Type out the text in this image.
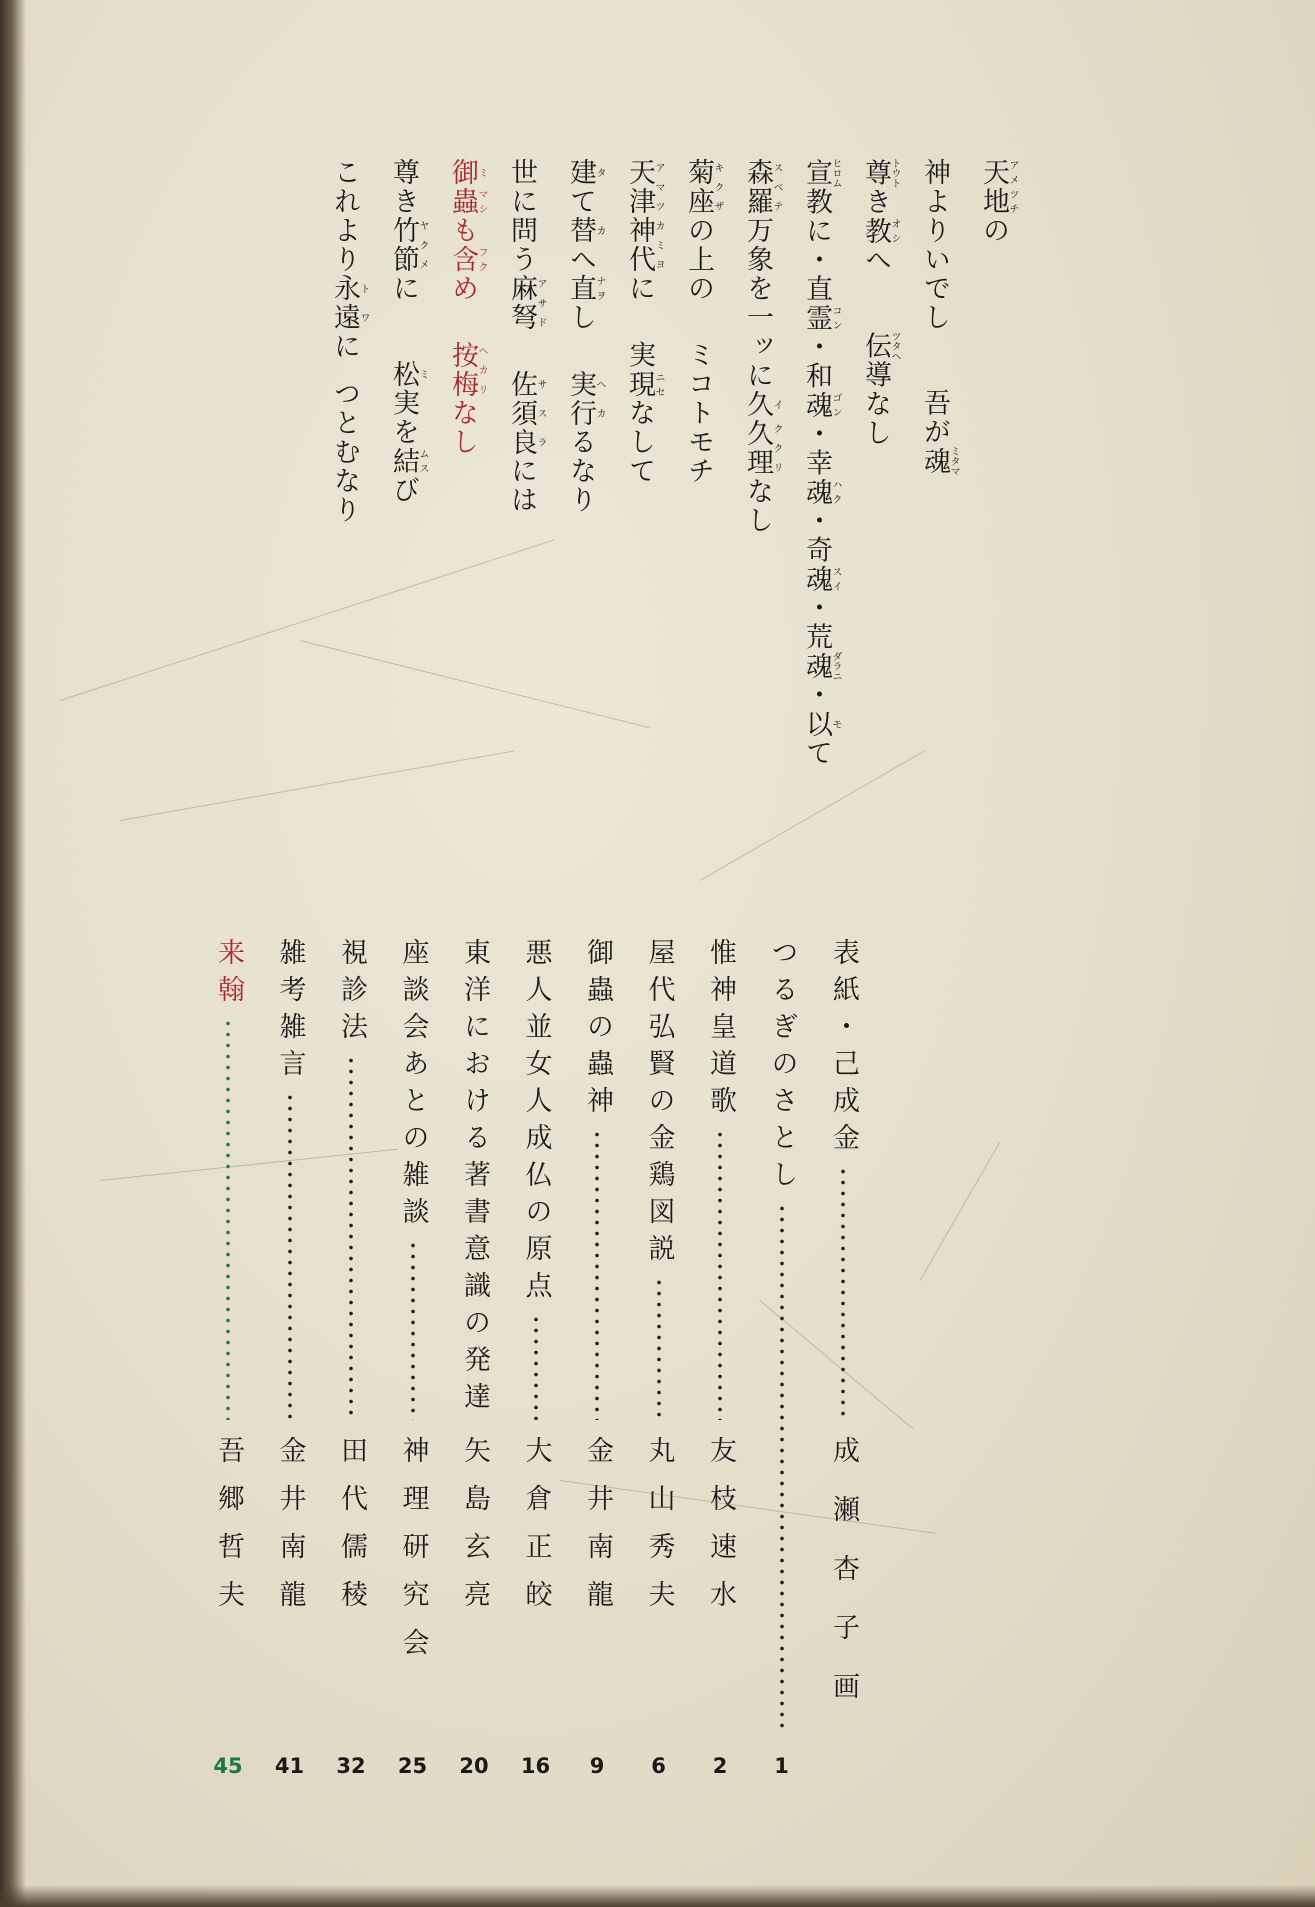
天地アメツチの
神よりいでし吾が魂ミタマ
尊トウトき教オシへ伝ツタヘ導なし
宣ヒロム教に・直霊コン・和魂ゴン・幸魂ハク・奇魂スイ・荒魂ダラニ・以モて
森羅スベテ万象を一ッに久イ久理ククリなし
菊座キクザの上のミコトモチ
天津神代アマツカミヨに実現ニセなして
建タて替カへ直ナヲし実行ヘカるなり
世に問う麻弩アサド佐須良サスラには
御ミ蟲マシも含フクめ按梅ヘカリなし
尊き竹節ヤクメに松ミ実を結ムスび
これより永遠トワにつとむなり
表紙・己成金
成瀬杏子画
つるぎのさとし
1
惟神皇道歌
友枝速水
2
屋代弘賢の金鶏図説
丸山秀夫
6
御蟲の蟲神
金井南龍
9
悪人並女人成仏の原点
大倉正皎
16
東洋における著書意識の発達
矢島玄亮
20
座談会あとの雑談
神理研究会
25
視診法
田代儒稜
32
雑考雑言
金井南龍
41
来翰
吾郷哲夫
45
